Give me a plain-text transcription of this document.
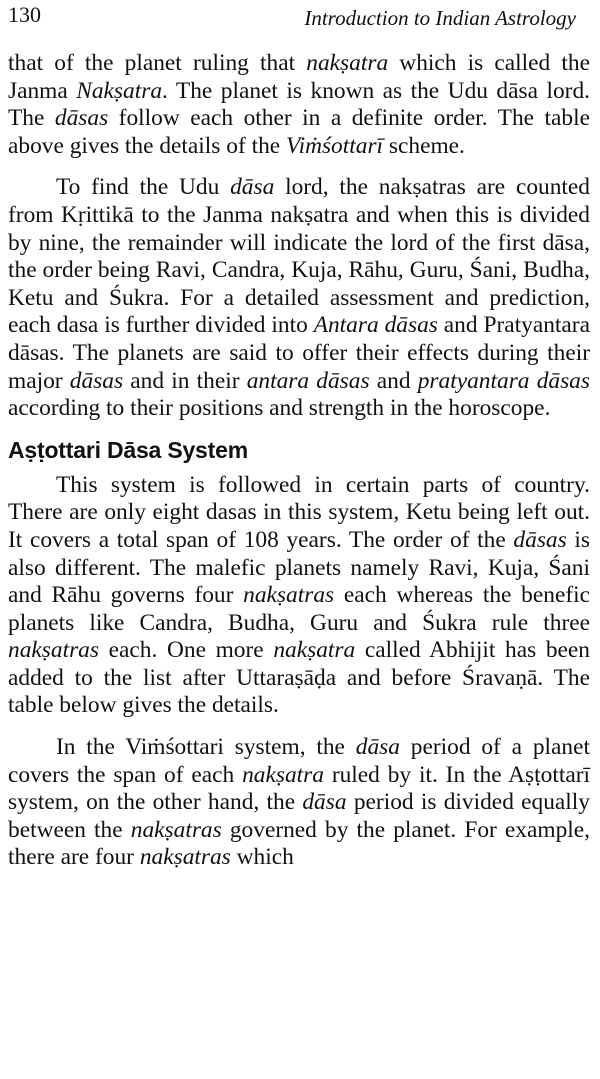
130	Introduction to Indian Astrology

that of the planet ruling that nakṣatra which is called the Janma Nakṣatra. The planet is known as the Udu dāsa lord. The dāsas follow each other in a definite order. The table above gives the details of the Viṁśottarī scheme.

To find the Udu dāsa lord, the nakṣatras are counted from Kṛittikā to the Janma nakṣatra and when this is divided by nine, the remainder will indicate the lord of the first dāsa, the order being Ravi, Candra, Kuja, Rāhu, Guru, Śani, Budha, Ketu and Śukra. For a detailed assessment and prediction, each dasa is further divided into Antara dāsas and Pratyantara dāsas. The planets are said to offer their effects during their major dāsas and in their antara dāsas and pratyantara dāsas according to their positions and strength in the horoscope.

Aṣṭottari Dāsa System

This system is followed in certain parts of country. There are only eight dasas in this system, Ketu being left out. It covers a total span of 108 years. The order of the dāsas is also different. The malefic planets namely Ravi, Kuja, Śani and Rāhu governs four nakṣatras each whereas the benefic planets like Candra, Budha, Guru and Śukra rule three nakṣatras each. One more nakṣatra called Abhijit has been added to the list after Uttaraṣāḍa and before Śravaṇā. The table below gives the details.

In the Viṁśottari system, the dāsa period of a planet covers the span of each nakṣatra ruled by it. In the Aṣṭottarī system, on the other hand, the dāsa period is divided equally between the nakṣatras governed by the planet. For example, there are four nakṣatras which
